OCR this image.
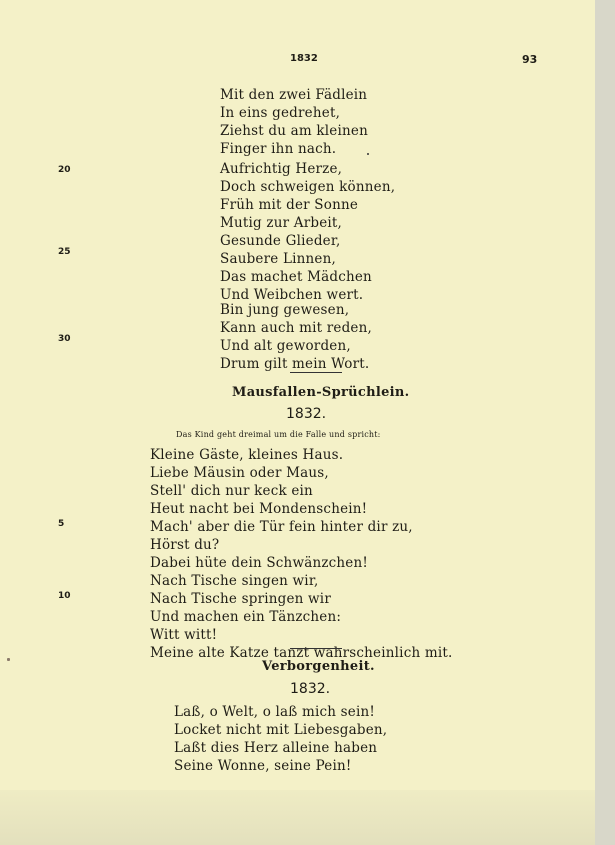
1832	93
Mit den zwei Fädlein
In eins gedrehet,
Ziehst du am kleinen
Finger ihn nach.
Aufrichtig Herze,
Doch schweigen können,
Früh mit der Sonne
Mutig zur Arbeit,
Gesunde Glieder,
Saubere Linnen,
Das machet Mädchen
Und Weibchen wert.
20
25
Bin jung gewesen,
Kann auch mit reden,
Und alt geworden,
Drum gilt mein Wort.
30
Mausfallen-Sprüchlein.
1832.
Das Kind geht dreimal um die Falle und spricht:
Kleine Gäste, kleines Haus.
Liebe Mäusin oder Maus,
Stell' dich nur keck ein
Heut nacht bei Mondenschein!
Mach' aber die Tür fein hinter dir zu,
Hörst du?
Dabei hüte dein Schwänzchen!
Nach Tische singen wir,
Nach Tische springen wir
Und machen ein Tänzchen:
Witt witt!
Meine alte Katze tanzt wahrscheinlich mit.
5
10
Verborgenheit.
1832.
Laß, o Welt, o laß mich sein!
Locket nicht mit Liebesgaben,
Laßt dies Herz alleine haben
Seine Wonne, seine Pein!
